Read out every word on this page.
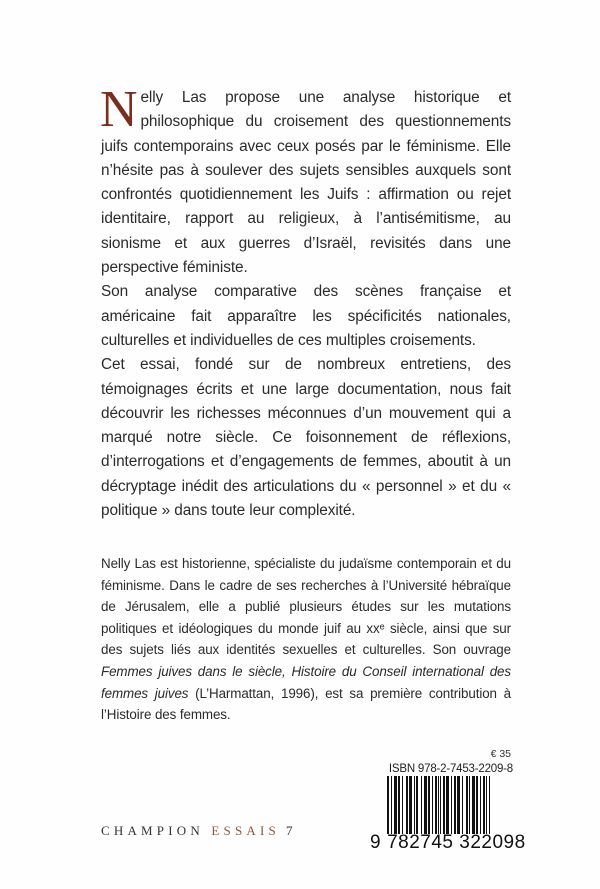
Nelly Las propose une analyse historique et philosophique du croisement des questionnements juifs contemporains avec ceux posés par le féminisme. Elle n’hésite pas à soulever des sujets sensibles auxquels sont confrontés quotidiennement les Juifs : affirmation ou rejet identitaire, rapport au religieux, à l’antisémitisme, au sionisme et aux guerres d’Israël, revisités dans une perspective féministe.

Son analyse comparative des scènes française et américaine fait apparaître les spécificités nationales, culturelles et individuelles de ces multiples croisements.

Cet essai, fondé sur de nombreux entretiens, des témoignages écrits et une large documentation, nous fait découvrir les richesses méconnues d’un mouvement qui a marqué notre siècle. Ce foisonnement de réflexions, d’interrogations et d’engagements de femmes, aboutit à un décryptage inédit des articulations du « personnel » et du « politique » dans toute leur complexité.

Nelly Las est historienne, spécialiste du judaïsme contemporain et du féminisme. Dans le cadre de ses recherches à l’Université hébraïque de Jérusalem, elle a publié plusieurs études sur les mutations politiques et idéologiques du monde juif au xxᵉ siècle, ainsi que sur des sujets liés aux identités sexuelles et culturelles. Son ouvrage Femmes juives dans le siècle, Histoire du Conseil international des femmes juives (L’Harmattan, 1996), est sa première contribution à l’Histoire des femmes.

€ 35
ISBN 978-2-7453-2209-8
9 782745 322098
CHAMPION ESSAIS 7
